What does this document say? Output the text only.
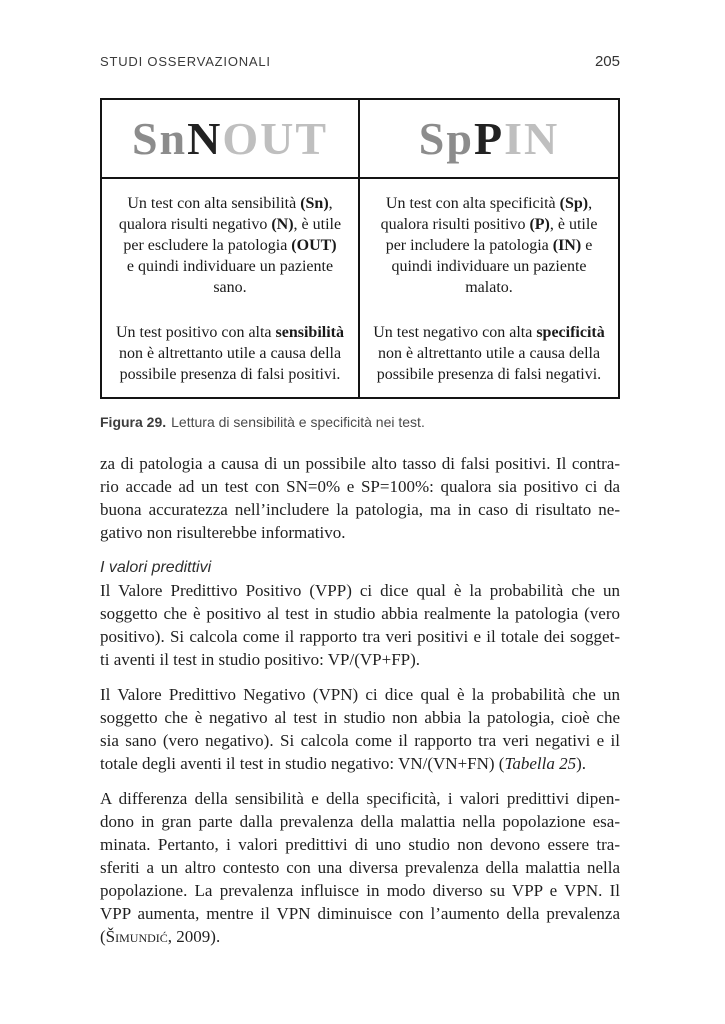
STUDI OSSERVAZIONALI	205
SnNOUT	SpPIN
Un test con alta sensibilità (Sn),
qualora risulti negativo (N), è utile
per escludere la patologia (OUT)
e quindi individuare un paziente sano.
Un test positivo con alta sensibilità
non è altrettanto utile a causa della
possibile presenza di falsi positivi.
Un test con alta specificità (Sp),
qualora risulti positivo (P), è utile
per includere la patologia (IN) e
quindi individuare un paziente malato.
Un test negativo con alta specificità
non è altrettanto utile a causa della
possibile presenza di falsi negativi.
Figura 29. Lettura di sensibilità e specificità nei test.
za di patologia a causa di un possibile alto tasso di falsi positivi. Il contra-
rio accade ad un test con SN=0% e SP=100%: qualora sia positivo ci da
buona accuratezza nell’includere la patologia, ma in caso di risultato ne-
gativo non risulterebbe informativo.
I valori predittivi
Il Valore Predittivo Positivo (VPP) ci dice qual è la probabilità che un
soggetto che è positivo al test in studio abbia realmente la patologia (vero
positivo). Si calcola come il rapporto tra veri positivi e il totale dei sogget-
ti aventi il test in studio positivo: VP/(VP+FP).
Il Valore Predittivo Negativo (VPN) ci dice qual è la probabilità che un
soggetto che è negativo al test in studio non abbia la patologia, cioè che
sia sano (vero negativo). Si calcola come il rapporto tra veri negativi e il
totale degli aventi il test in studio negativo: VN/(VN+FN) (Tabella 25).
A differenza della sensibilità e della specificità, i valori predittivi dipen-
dono in gran parte dalla prevalenza della malattia nella popolazione esa-
minata. Pertanto, i valori predittivi di uno studio non devono essere tra-
sferiti a un altro contesto con una diversa prevalenza della malattia nella
popolazione. La prevalenza influisce in modo diverso su VPP e VPN. Il
VPP aumenta, mentre il VPN diminuisce con l’aumento della prevalenza
(Šimundić, 2009).
